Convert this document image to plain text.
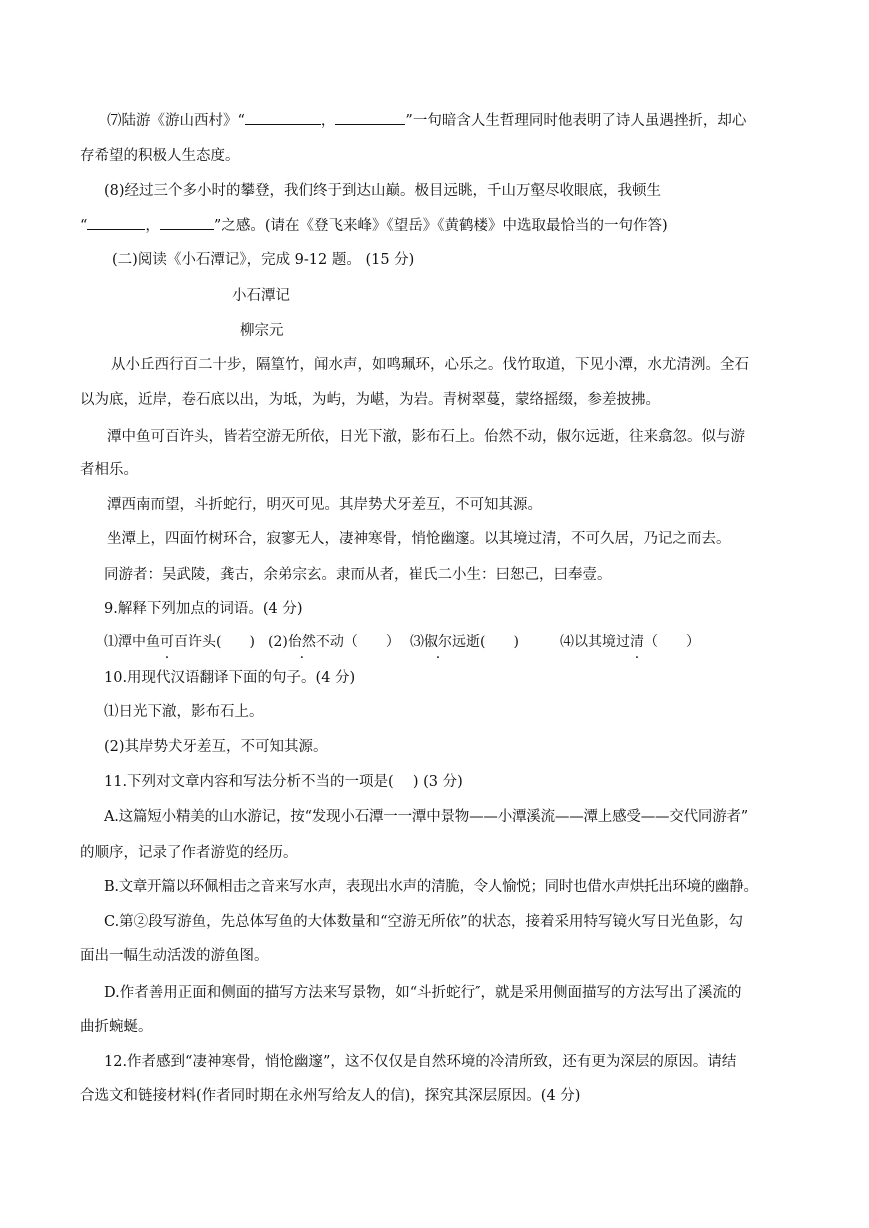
⑺陆游《游山西村》“	，	”一句暗含人生哲理同时他表明了诗人虽遇挫折，却心
存希望的积极人生态度。
(8)经过三个多小时的攀登，我们终于到达山巅。极目远眺，千山万壑尽收眼底，我顿生
“	，	”之感。(请在《登飞来峰》《望岳》《黄鹤楼》中选取最恰当的一句作答)
(二)阅读《小石潭记》，完成 9-12 题。 (15 分)
小石潭记
柳宗元
从小丘西行百二十步，隔篁竹，闻水声，如鸣珮环，心乐之。伐竹取道，下见小潭，水尤清洌。全石
以为底，近岸，卷石底以出，为坻，为屿，为嵁，为岩。青树翠蔓，蒙络摇缀，参差披拂。
潭中鱼可百许头，皆若空游无所依，日光下澈，影布石上。佁然不动，俶尔远逝，往来翕忽。似与游
者相乐。
潭西南而望，斗折蛇行，明灭可见。其岸势犬牙差互，不可知其源。
坐潭上，四面竹树环合，寂寥无人，凄神寒骨，悄怆幽邃。以其境过清，不可久居，乃记之而去。
同游者：吴武陵，龚古，余弟宗玄。隶而从者，崔氏二小生：曰恕己，曰奉壹。
9.解释下列加点的词语。(4 分)
⑴潭中鱼可百许头(　　) (2)佁然不动（　　） ⑶俶尔远逝(　　)	⑷以其境过清（　　）
10.用现代汉语翻译下面的句子。(4 分)
⑴日光下澈，影布石上。
(2)其岸势犬牙差互，不可知其源。
11.下列对文章内容和写法分析不当的一项是(　 ) (3 分)
A.这篇短小精美的山水游记，按“发现小石潭一一潭中景物——小潭溪流——潭上感受——交代同游者”
的顺序，记录了作者游览的经历。
B.文章开篇以环佩相击之音来写水声，表现出水声的清脆，令人愉悦；同时也借水声烘托出环境的幽静。
C.第②段写游鱼，先总体写鱼的大体数量和“空游无所依”的状态，接着采用特写镜火写日光鱼影，勾
面出一幅生动活泼的游鱼图。
D.作者善用正面和侧面的描写方法来写景物，如“斗折蛇行″，就是采用侧面描写的方法写出了溪流的
曲折蜿蜒。
12.作者感到“凄神寒骨，悄怆幽邃”，这不仅仅是自然环境的冷清所致，还有更为深层的原因。请结
合选文和链接材料(作者同时期在永州写给友人的信)，探究其深层原因。(4 分)
